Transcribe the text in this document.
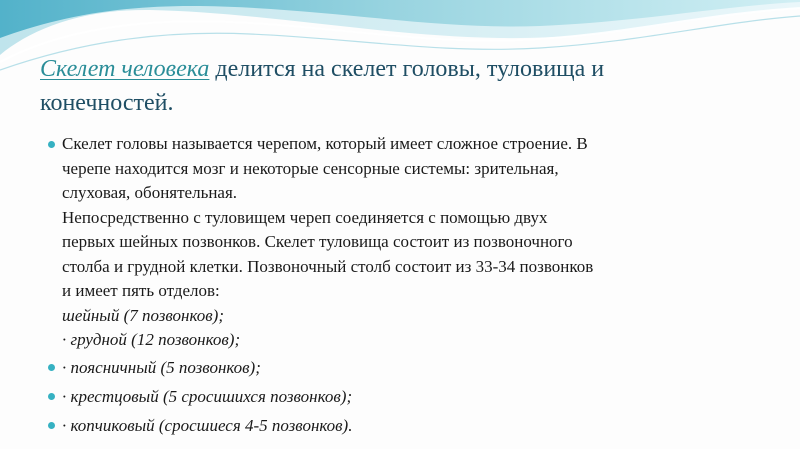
Скелет человека делится на скелет головы, туловища и
конечностей.
Скелет головы называется черепом, который имеет сложное строение. В
черепе находится мозг и некоторые сенсорные системы: зрительная,
слуховая, обонятельная.
Непосредственно с туловищем череп соединяется с помощью двух
первых шейных позвонков. Скелет туловища состоит из позвоночного
столба и грудной клетки. Позвоночный столб состоит из 33-34 позвонков
и имеет пять отделов:
шейный (7 позвонков);
· грудной (12 позвонков);
· поясничный (5 позвонков);
· крестцовый (5 сросишихся позвонков);
· копчиковый (сросшиеся 4-5 позвонков).
